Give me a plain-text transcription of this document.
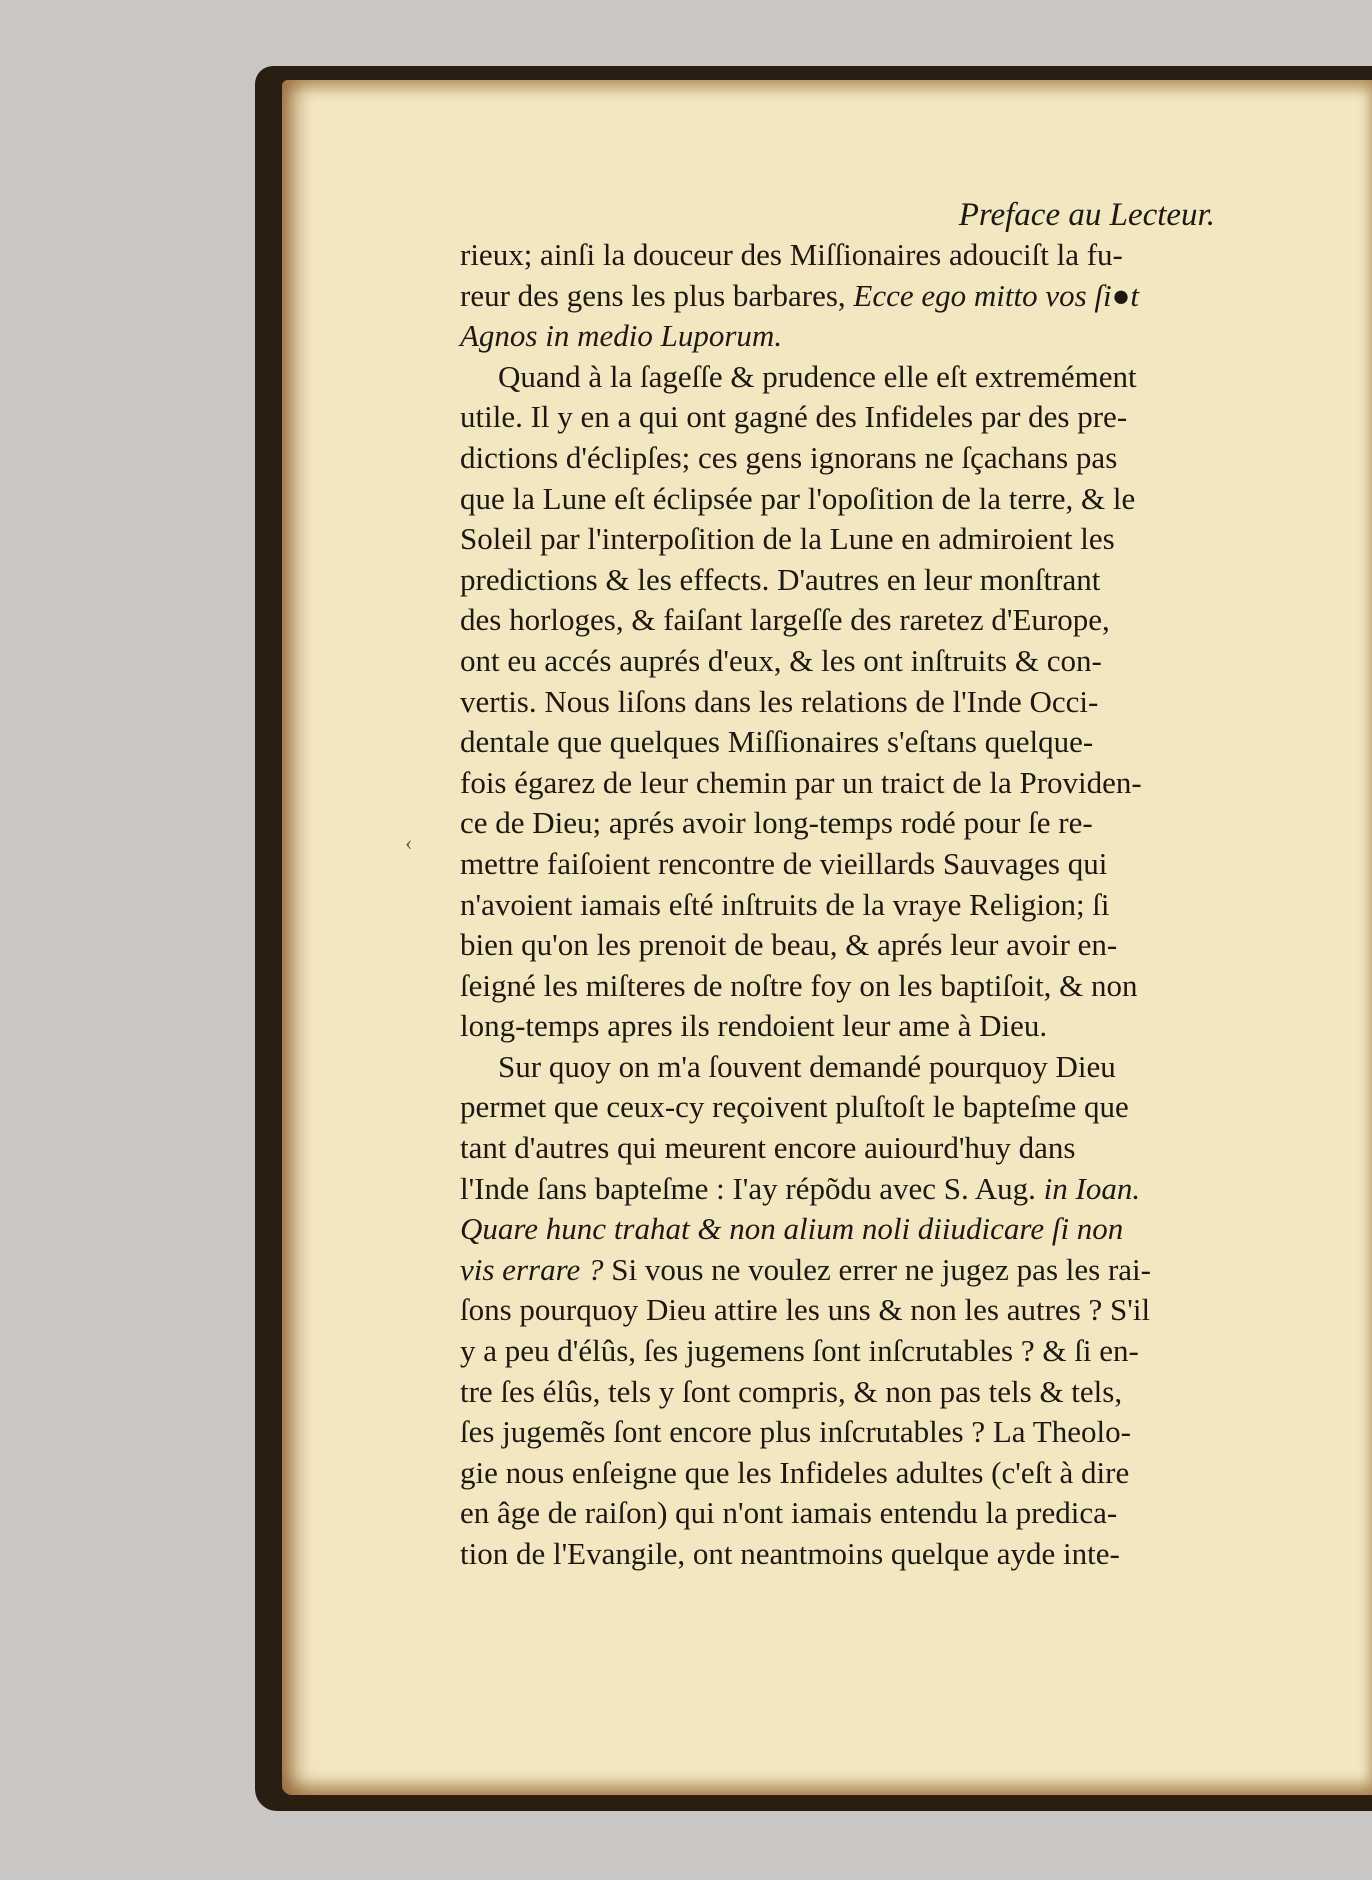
Preface au Lecteur.
rieux; ainſi la douceur des Miſſionaires adouciſt la fu-
reur des gens les plus barbares, Ecce ego mitto vos ſi●t
Agnos in medio Luporum.
Quand à la ſageſſe & prudence elle eſt extremément
utile. Il y en a qui ont gagné des Infideles par des pre-
dictions d'éclipſes; ces gens ignorans ne ſçachans pas
que la Lune eſt éclipsée par l'opoſition de la terre, & le
Soleil par l'interpoſition de la Lune en admiroient les
predictions & les effects. D'autres en leur monſtrant
des horloges, & faiſant largeſſe des raretez d'Europe,
ont eu accés auprés d'eux, & les ont inſtruits & con-
vertis. Nous liſons dans les relations de l'Inde Occi-
dentale que quelques Miſſionaires s'eſtans quelque-
fois égarez de leur chemin par un traict de la Providen-
ce de Dieu; aprés avoir long-temps rodé pour ſe re-
mettre faiſoient rencontre de vieillards Sauvages qui
n'avoient iamais eſté inſtruits de la vraye Religion; ſi
bien qu'on les prenoit de beau, & aprés leur avoir en-
ſeigné les miſteres de noſtre foy on les baptiſoit, & non
long-temps apres ils rendoient leur ame à Dieu.
Sur quoy on m'a ſouvent demandé pourquoy Dieu
permet que ceux-cy reçoivent pluſtoſt le bapteſme que
tant d'autres qui meurent encore auiourd'huy dans
l'Inde ſans bapteſme : I'ay répõdu avec S. Aug. in Ioan.
Quare hunc trahat & non alium noli diiudicare ſi non
vis errare ? Si vous ne voulez errer ne jugez pas les rai-
ſons pourquoy Dieu attire les uns & non les autres ? S'il
y a peu d'élûs, ſes jugemens ſont inſcrutables ? & ſi en-
tre ſes élûs, tels y ſont compris, & non pas tels & tels,
ſes jugemẽs ſont encore plus inſcrutables ? La Theolo-
gie nous enſeigne que les Infideles adultes (c'eſt à dire
en âge de raiſon) qui n'ont iamais entendu la predica-
tion de l'Evangile, ont neantmoins quelque ayde inte-
‹
